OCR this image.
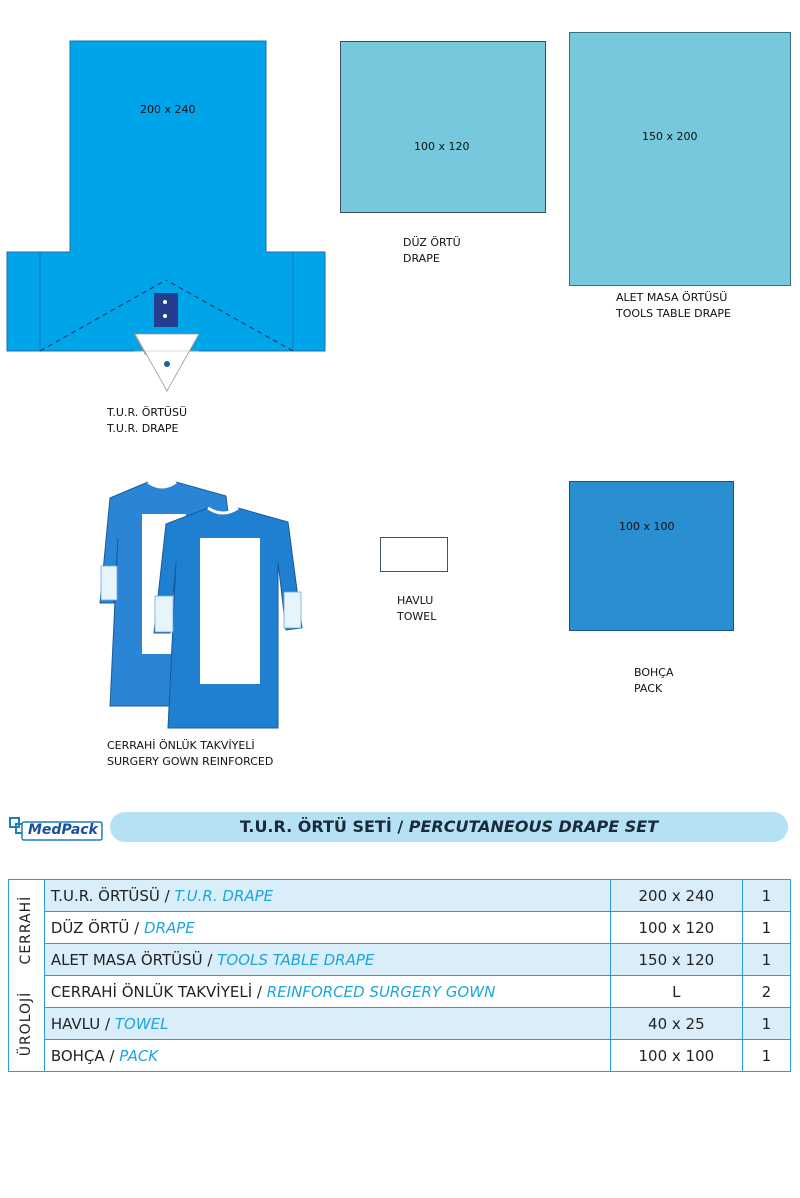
200 x 240
T.U.R. ÖRTÜSÜ
T.U.R. DRAPE
100 x 120
DÜZ ÖRTÜ
DRAPE
150 x 200
ALET MASA ÖRTÜSÜ
TOOLS TABLE DRAPE
CERRAHİ ÖNLÜK TAKVİYELİ
SURGERY GOWN REINFORCED
HAVLU
TOWEL
100 x 100
BOHÇA
PACK
MedPack	T.U.R. ÖRTÜ SETİ / PERCUTANEOUS DRAPE SET
ÜROLOJİ     CERRAHİ	T.U.R. ÖRTÜSÜ / T.U.R. DRAPE	200 x 240	1
	DÜZ ÖRTÜ / DRAPE	100 x 120	1
	ALET MASA ÖRTÜSÜ / TOOLS TABLE DRAPE	150 x 120	1
	CERRAHİ ÖNLÜK TAKVİYELİ / REINFORCED SURGERY GOWN	L	2
	HAVLU / TOWEL	40 x 25	1
	BOHÇA / PACK	100 x 100	1
